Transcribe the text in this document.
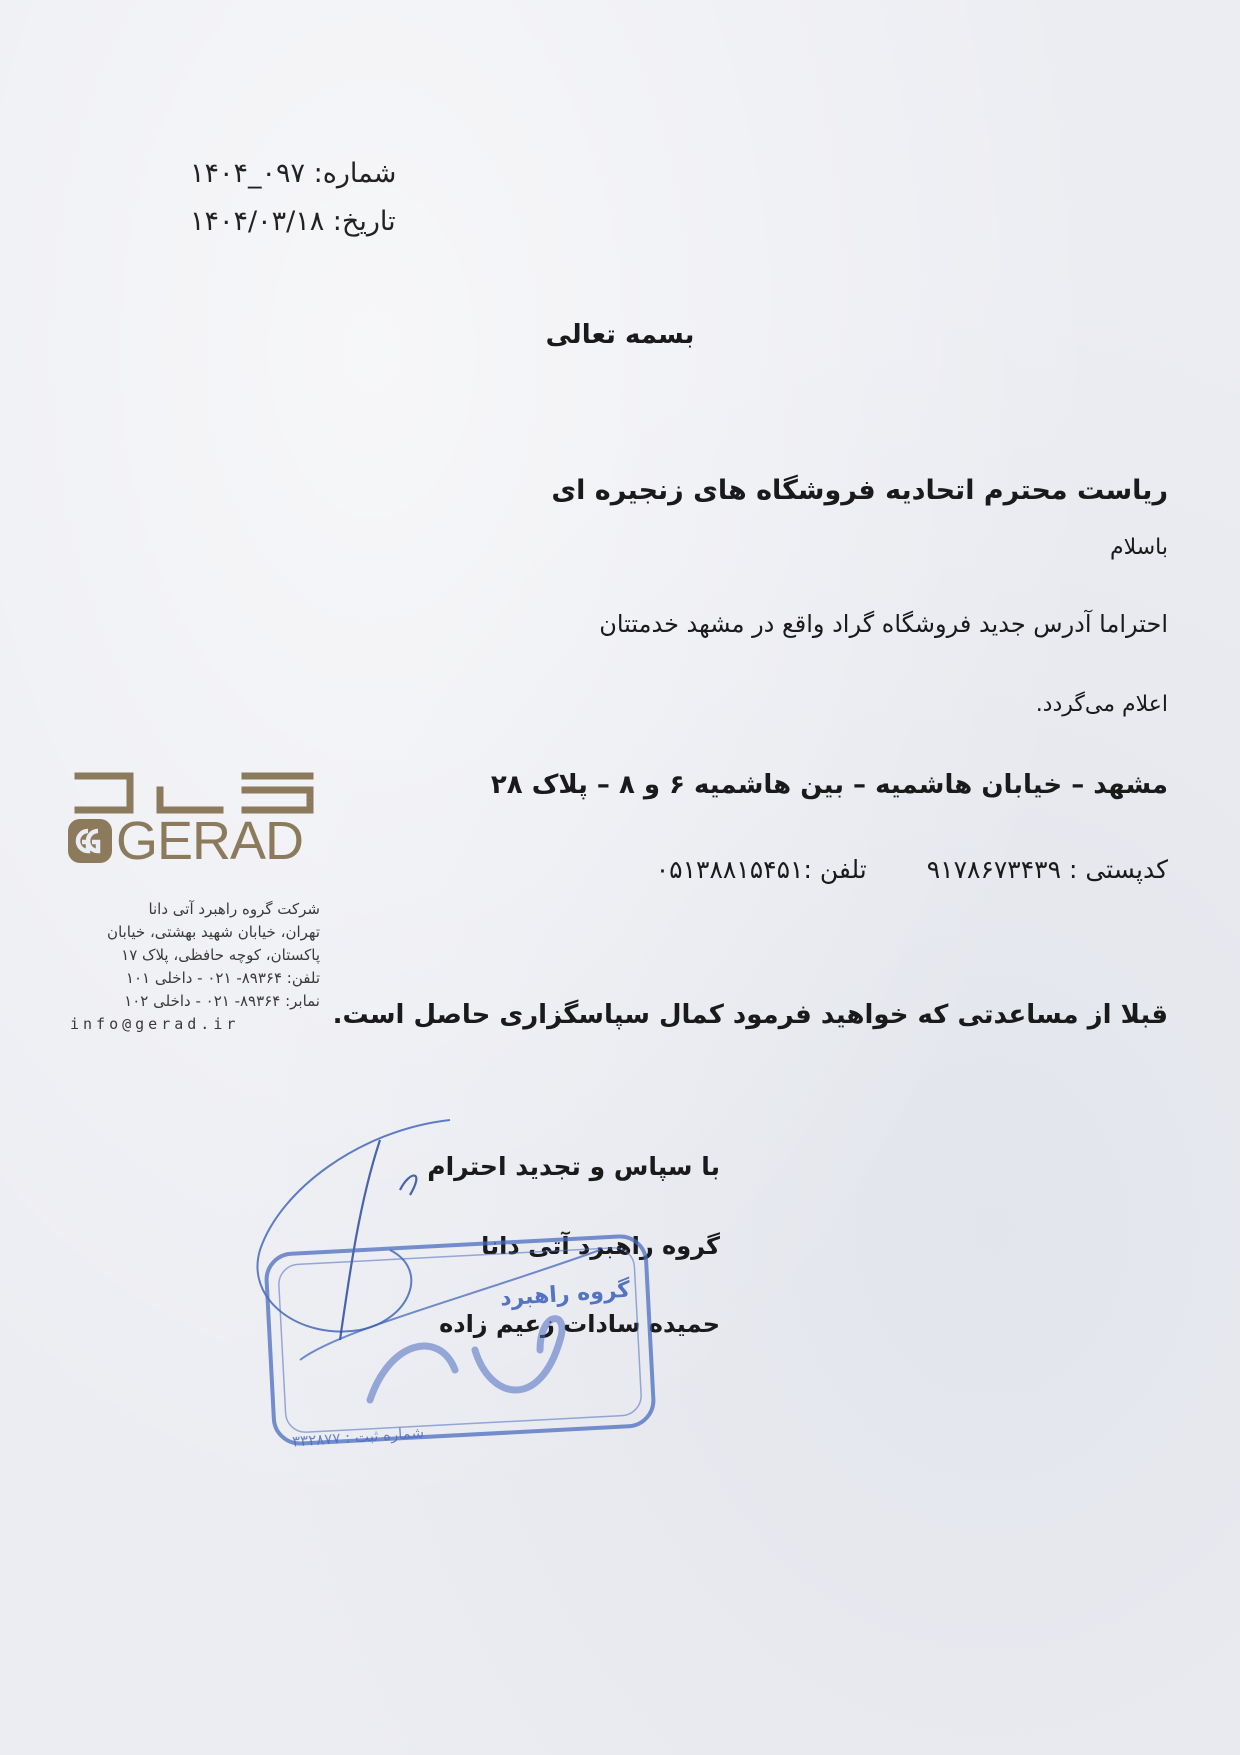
شماره: ۰۹۷_۱۴۰۴
تاریخ: ۱۴۰۴/۰۳/۱۸
بسمه تعالی
ریاست محترم اتحادیه فروشگاه های زنجیره ای
باسلام
احتراما آدرس جدید فروشگاه گراد واقع در مشهد خدمتتان
اعلام می‌گردد.
مشهد – خیابان هاشمیه – بین هاشمیه ۶ و ۸ – پلاک ۲۸
کدپستی : ۹۱۷۸۶۷۳۴۳۹تلفن :۰۵۱۳۸۸۱۵۴۵۱
قبلا از مساعدتی که خواهید فرمود کمال سپاسگزاری حاصل است.
با سپاس و تجدید احترام
گروه راهبرد آتی دانا
حمیده سادات زعیم زاده
GERAD
شرکت گروه راهبرد آتی دانا
تهران، خیابان شهید بهشتی، خیابان
پاکستان، کوچه حافظی، پلاک ۱۷
تلفن: ۸۹۳۶۴- ۰۲۱ - داخلی ۱۰۱
نمابر: ۸۹۳۶۴- ۰۲۱ - داخلی ۱۰۲
info@gerad.ir
گروه راهبرد
شماره ثبت : ۳۳۲۸۷۷
